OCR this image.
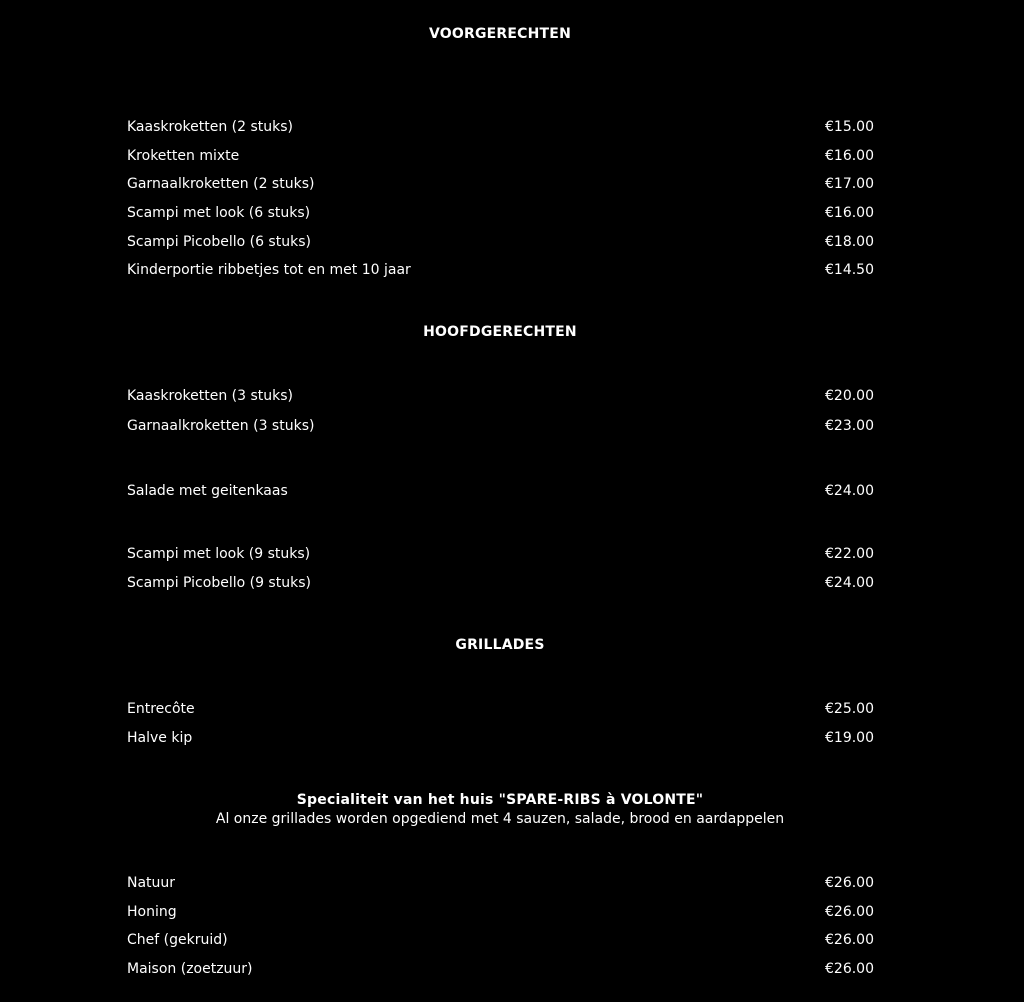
VOORGERECHTEN
Kaaskroketten (2 stuks)	€15.00
Kroketten mixte	€16.00
Garnaalkroketten (2 stuks)	€17.00
Scampi met look (6 stuks)	€16.00
Scampi Picobello (6 stuks)	€18.00
Kinderportie ribbetjes tot en met 10 jaar	€14.50
HOOFDGERECHTEN
Kaaskroketten (3 stuks)	€20.00
Garnaalkroketten (3 stuks)	€23.00
Salade met geitenkaas	€24.00
Scampi met look (9 stuks)	€22.00
Scampi Picobello (9 stuks)	€24.00
GRILLADES
Entrecôte	€25.00
Halve kip	€19.00
Specialiteit van het huis "SPARE-RIBS à VOLONTE"
Al onze grillades worden opgediend met 4 sauzen, salade, brood en aardappelen
Natuur	€26.00
Honing	€26.00
Chef (gekruid)	€26.00
Maison (zoetzuur)	€26.00
